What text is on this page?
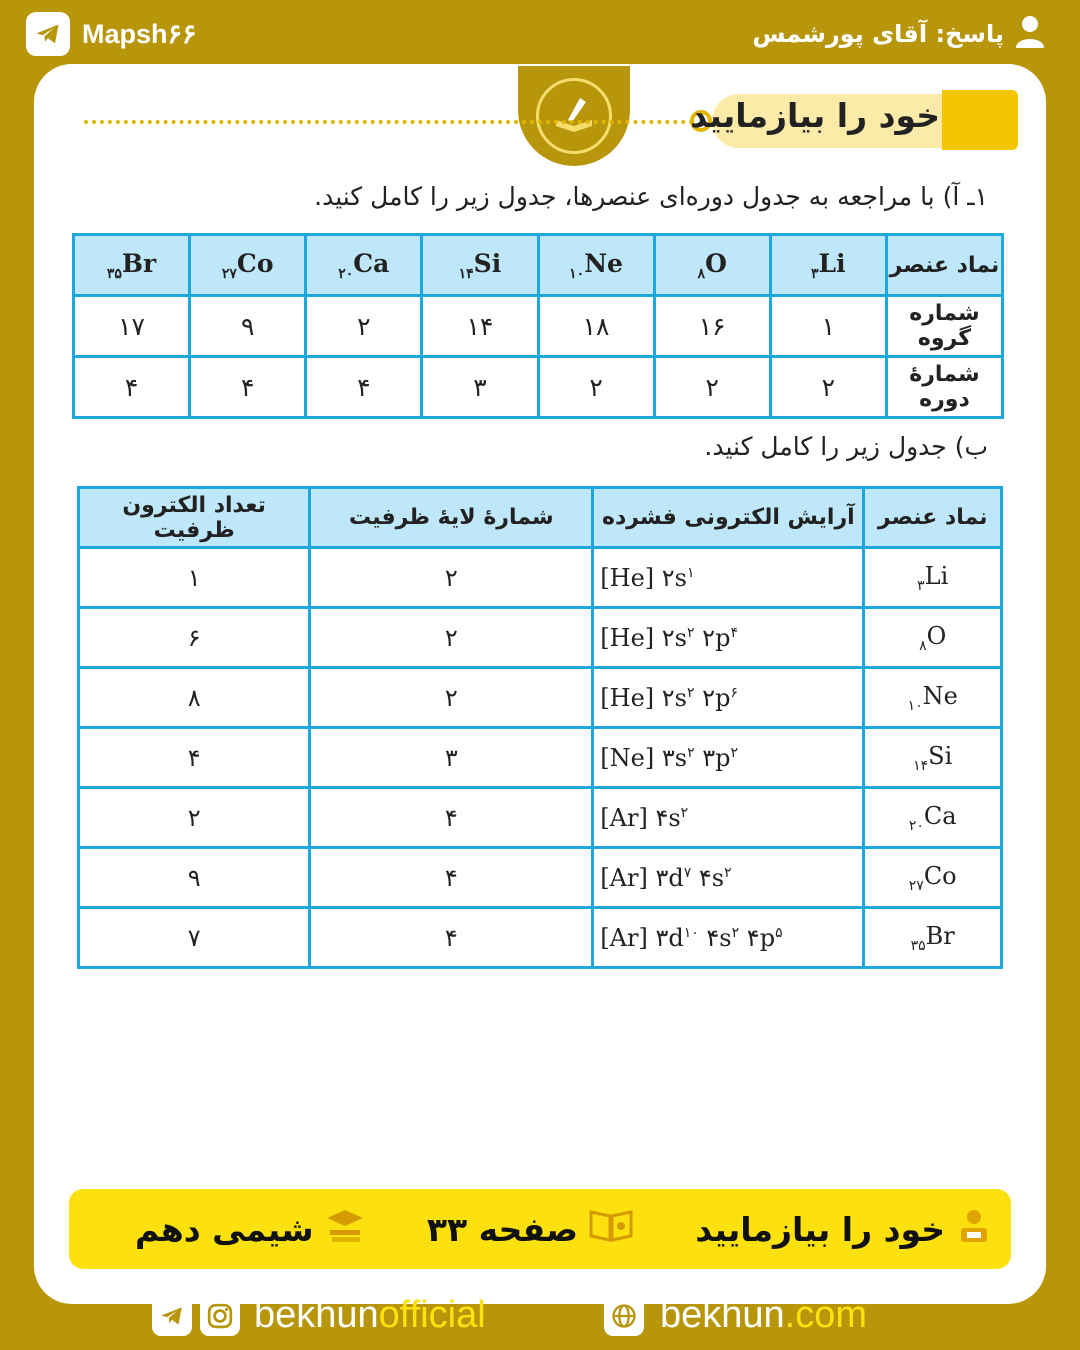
Mapsh۶۶	پاسخ: آقای پورشمس
خود را بیازمایید
۱ـ آ) با مراجعه به جدول دوره‌ای عنصرها، جدول زیر را کامل کنید.
نماد عنصر	$_۳$Li	$_۸$O	$_{۱۰}$Ne	$_{۱۴}$Si	$_{۲۰}$Ca	$_{۲۷}$Co	$_{۳۵}$Br
شماره گروه	۱	۱۶	۱۸	۱۴	۲	۹	۱۷
شمارهٔ دوره	۲	۲	۲	۳	۴	۴	۴
ب) جدول زیر را کامل کنید.
نماد عنصر	آرایش الکترونی فشرده	شمارهٔ لایهٔ ظرفیت	تعداد الکترون ظرفیت
$_۳$Li	[He] $۲s^۱$	۲	۱
$_۸$O	[He] $۲s^۲$ $۲p^۴$	۲	۶
$_{۱۰}$Ne	[He] $۲s^۲$ $۲p^۶$	۲	۸
$_{۱۴}$Si	[Ne] $۳s^۲$ $۳p^۲$	۳	۴
$_{۲۰}$Ca	[Ar] $۴s^۲$	۴	۲
$_{۲۷}$Co	[Ar] $۳d^۷$ $۴s^۲$	۴	۹
$_{۳۵}$Br	[Ar] $۳d^{۱۰}$ $۴s^۲$ $۴p^۵$	۴	۷
خود را بیازمایید
صفحه ۳۳
شیمی دهم
bekhunofficial	bekhun.com
